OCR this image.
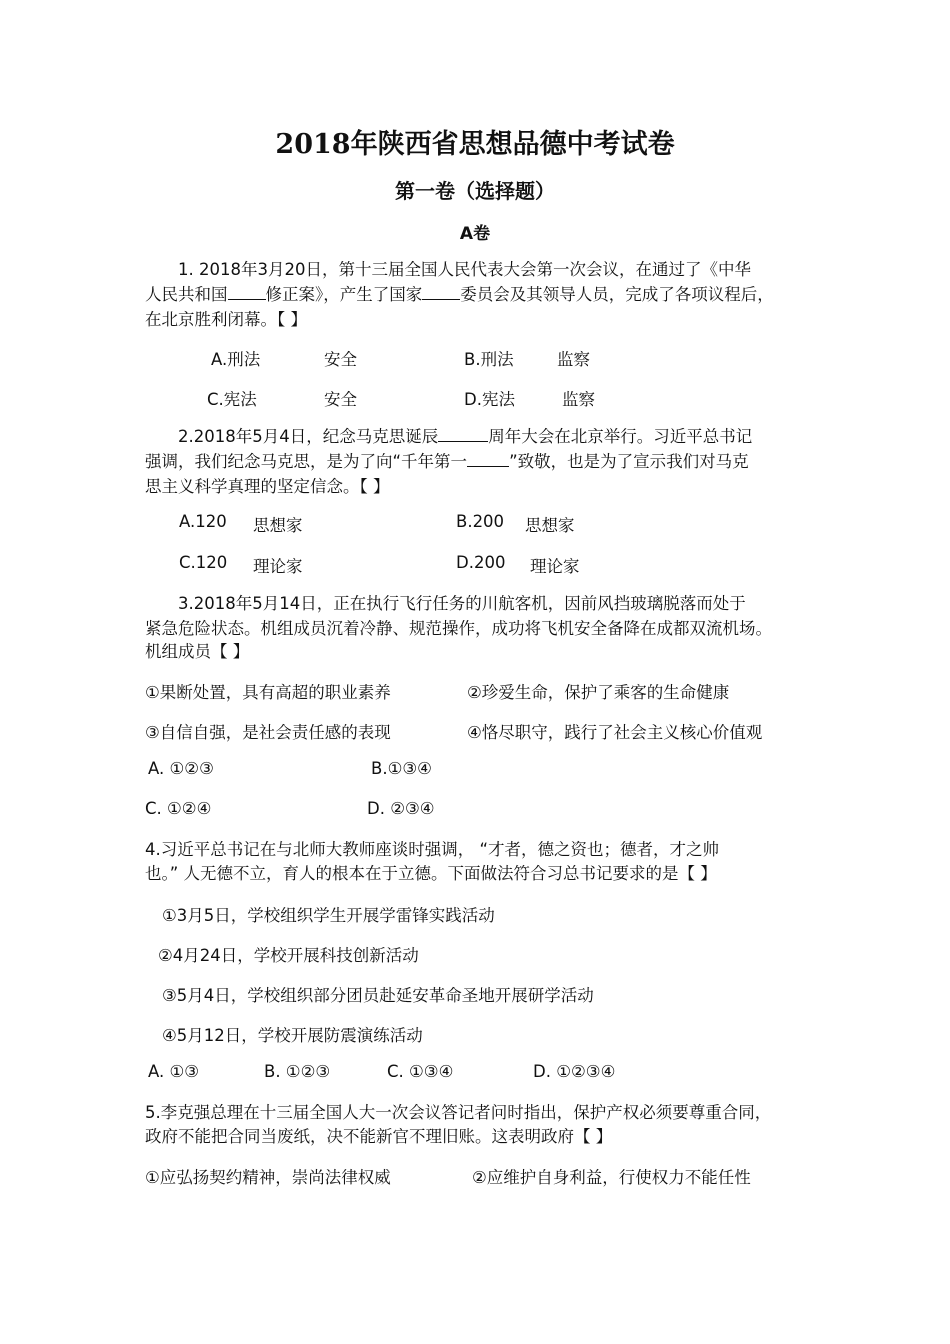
2018年陕西省思想品德中考试卷
第一卷（选择题）
A卷
1. 2018年3月20日，第十三届全国人民代表大会第一次会议，在通过了《中华
人民共和国 修正案》，产生了国家 委员会及其领导人员，完成了各项议程后，
在北京胜利闭幕。【 】
A.刑法	安全	B.刑法	监察
C.宪法	安全	D.宪法	监察
2.2018年5月4日，纪念马克思诞辰	周年大会在北京举行。习近平总书记
强调，我们纪念马克思，是为了向“千年第一	”致敬，也是为了宣示我们对马克
思主义科学真理的坚定信念。【 】
A.120 思想家	B.200 思想家
C.120 理论家	D.200 理论家
3.2018年5月14日，正在执行飞行任务的川航客机，因前风挡玻璃脱落而处于
紧急危险状态。机组成员沉着冷静、规范操作，成功将飞机安全备降在成都双流机场。
机组成员【 】
①果断处置，具有高超的职业素养	②珍爱生命，保护了乘客的生命健康
③自信自强，是社会责任感的表现	④恪尽职守，践行了社会主义核心价值观
A. ①②③	B.①③④
C. ①②④	D. ②③④
4.习近平总书记在与北师大教师座谈时强调， “才者，德之资也；德者，才之帅
也。” 人无德不立，育人的根本在于立德。下面做法符合习总书记要求的是【 】
①3月5日，学校组织学生开展学雷锋实践活动
②4月24日，学校开展科技创新活动
③5月4日，学校组织部分团员赴延安革命圣地开展研学活动
④5月12日，学校开展防震演练活动
A. ①③	B. ①②③	C. ①③④	D. ①②③④
5.李克强总理在十三届全国人大一次会议答记者问时指出，保护产权必须要尊重合同，
政府不能把合同当废纸，决不能新官不理旧账。这表明政府【 】
①应弘扬契约精神，崇尚法律权威	②应维护自身利益，行使权力不能任性
